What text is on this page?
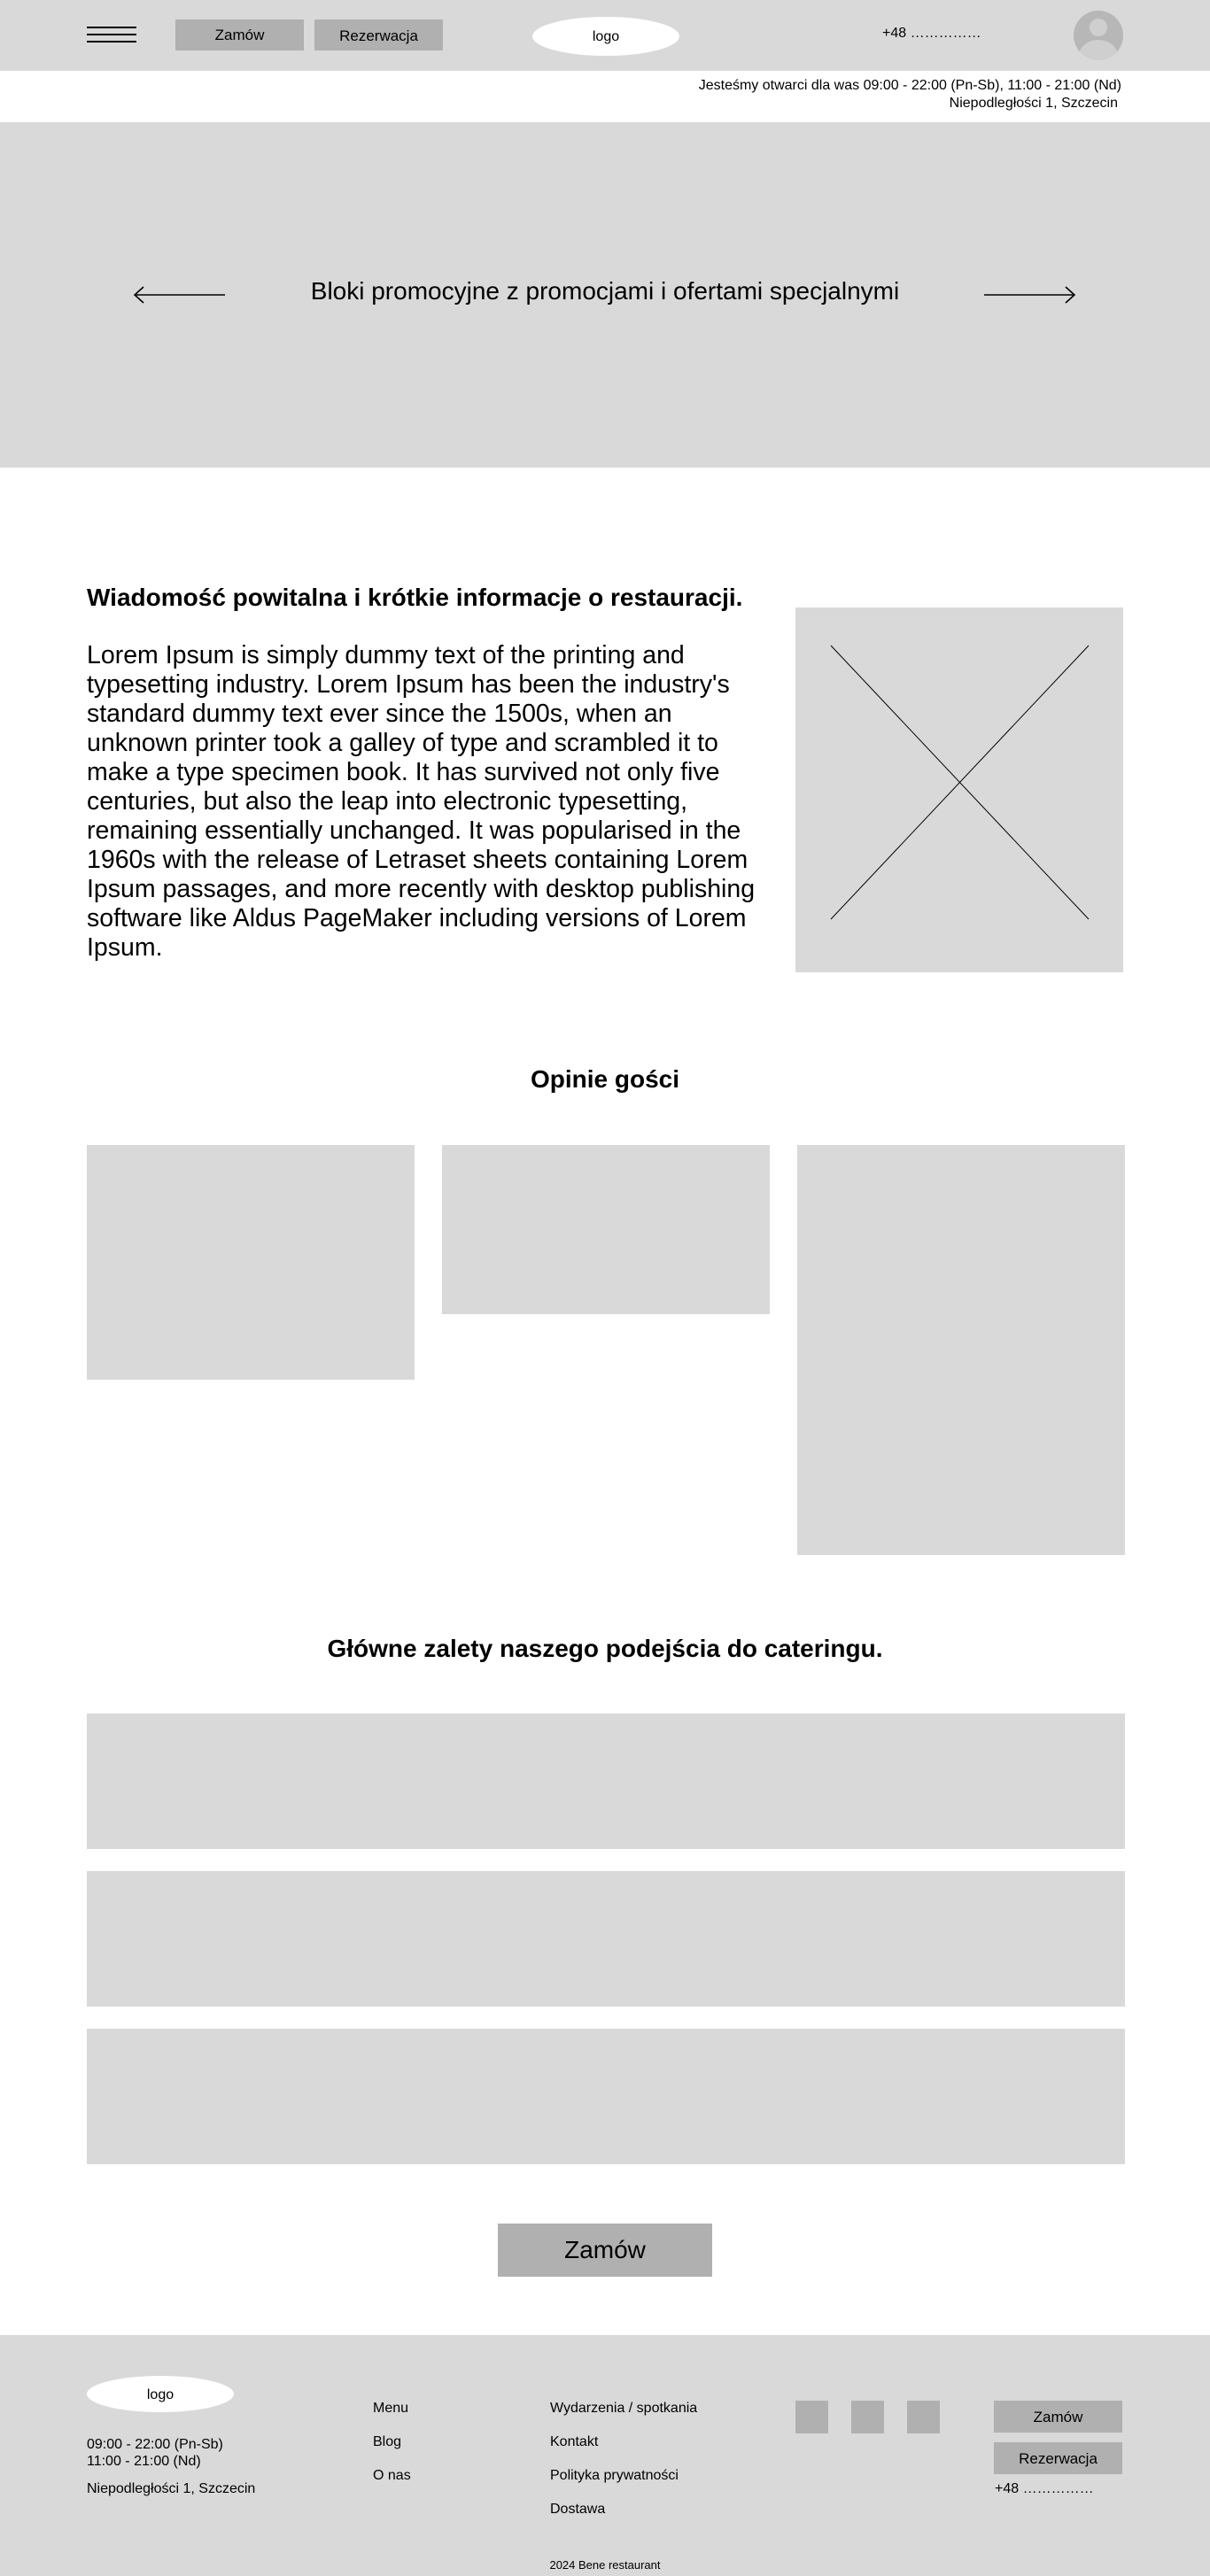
Zamów	Rezerwacja	logo	+48 ……………
Jesteśmy otwarci dla was 09:00 - 22:00 (Pn-Sb), 11:00 - 21:00 (Nd)
Niepodległości 1, Szczecin
Bloki promocyjne z promocjami i ofertami specjalnymi
Wiadomość powitalna i krótkie informacje o restauracji.
Lorem Ipsum is simply dummy text of the printing and typesetting industry. Lorem Ipsum has been the industry's standard dummy text ever since the 1500s, when an unknown printer took a galley of type and scrambled it to make a type specimen book. It has survived not only five centuries, but also the leap into electronic typesetting, remaining essentially unchanged. It was popularised in the 1960s with the release of Letraset sheets containing Lorem Ipsum passages, and more recently with desktop publishing software like Aldus PageMaker including versions of Lorem Ipsum.
Opinie gości
Główne zalety naszego podejścia do cateringu.
Zamów
logo
09:00 - 22:00 (Pn-Sb)
11:00 - 21:00 (Nd)
Niepodległości 1, Szczecin
Menu
Blog
O nas
Wydarzenia / spotkania
Kontakt
Polityka prywatności
Dostawa
Zamów
Rezerwacja
+48 ……………
2024 Bene restaurant
